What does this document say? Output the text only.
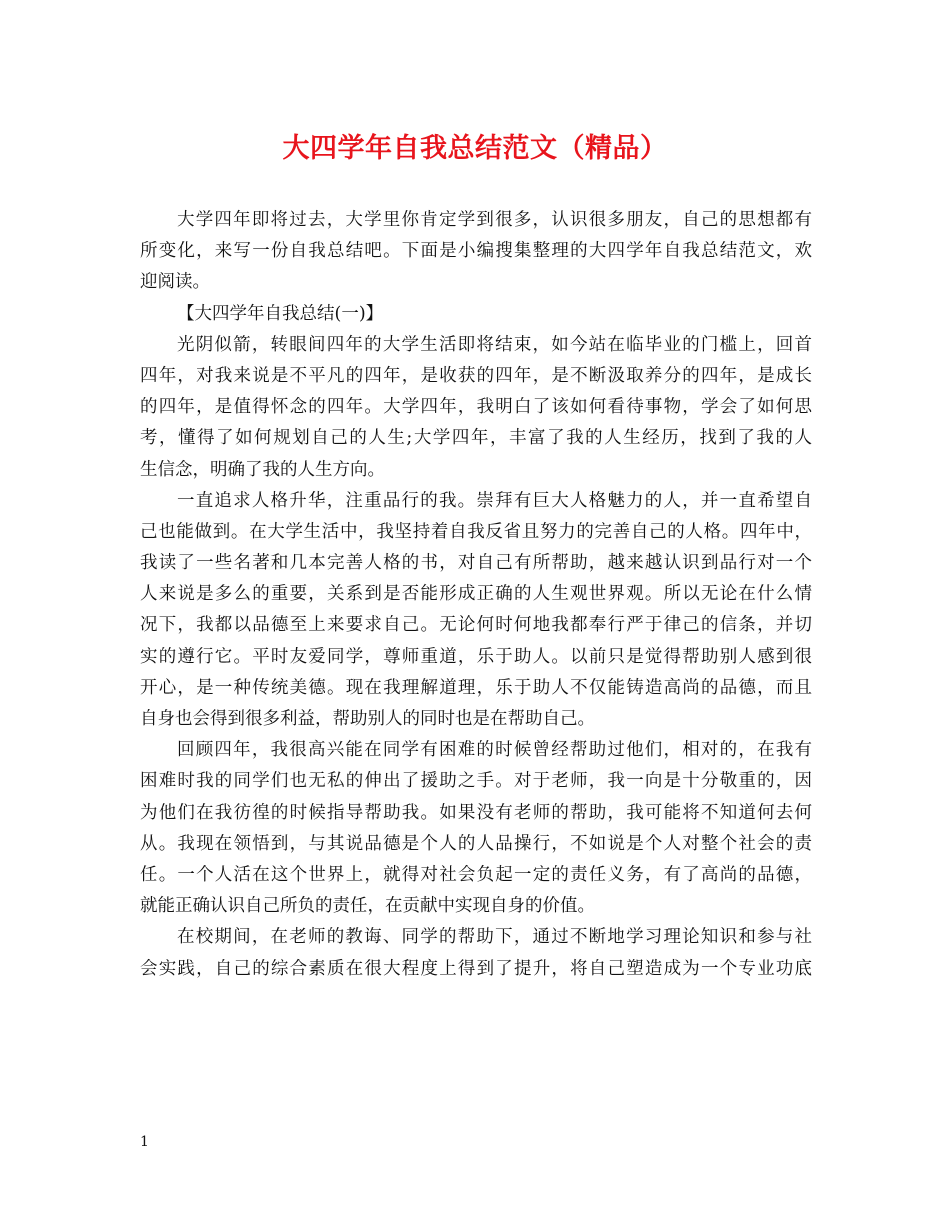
大四学年自我总结范文（精品）
大学四年即将过去，大学里你肯定学到很多，认识很多朋友，自己的思想都有
所变化，来写一份自我总结吧。下面是小编搜集整理的大四学年自我总结范文，欢
迎阅读。
【大四学年自我总结(一)】
光阴似箭，转眼间四年的大学生活即将结束，如今站在临毕业的门槛上，回首
四年，对我来说是不平凡的四年，是收获的四年，是不断汲取养分的四年，是成长
的四年，是值得怀念的四年。大学四年，我明白了该如何看待事物，学会了如何思
考，懂得了如何规划自己的人生;大学四年，丰富了我的人生经历，找到了我的人
生信念，明确了我的人生方向。
一直追求人格升华，注重品行的我。崇拜有巨大人格魅力的人，并一直希望自
己也能做到。在大学生活中，我坚持着自我反省且努力的完善自己的人格。四年中，
我读了一些名著和几本完善人格的书，对自己有所帮助，越来越认识到品行对一个
人来说是多么的重要，关系到是否能形成正确的人生观世界观。所以无论在什么情
况下，我都以品德至上来要求自己。无论何时何地我都奉行严于律己的信条，并切
实的遵行它。平时友爱同学，尊师重道，乐于助人。以前只是觉得帮助别人感到很
开心，是一种传统美德。现在我理解道理，乐于助人不仅能铸造高尚的品德，而且
自身也会得到很多利益，帮助别人的同时也是在帮助自己。
回顾四年，我很高兴能在同学有困难的时候曾经帮助过他们，相对的，在我有
困难时我的同学们也无私的伸出了援助之手。对于老师，我一向是十分敬重的，因
为他们在我彷徨的时候指导帮助我。如果没有老师的帮助，我可能将不知道何去何
从。我现在领悟到，与其说品德是个人的人品操行，不如说是个人对整个社会的责
任。一个人活在这个世界上，就得对社会负起一定的责任义务，有了高尚的品德，
就能正确认识自己所负的责任，在贡献中实现自身的价值。
在校期间，在老师的教诲、同学的帮助下，通过不断地学习理论知识和参与社
会实践，自己的综合素质在很大程度上得到了提升，将自己塑造成为一个专业功底
1
